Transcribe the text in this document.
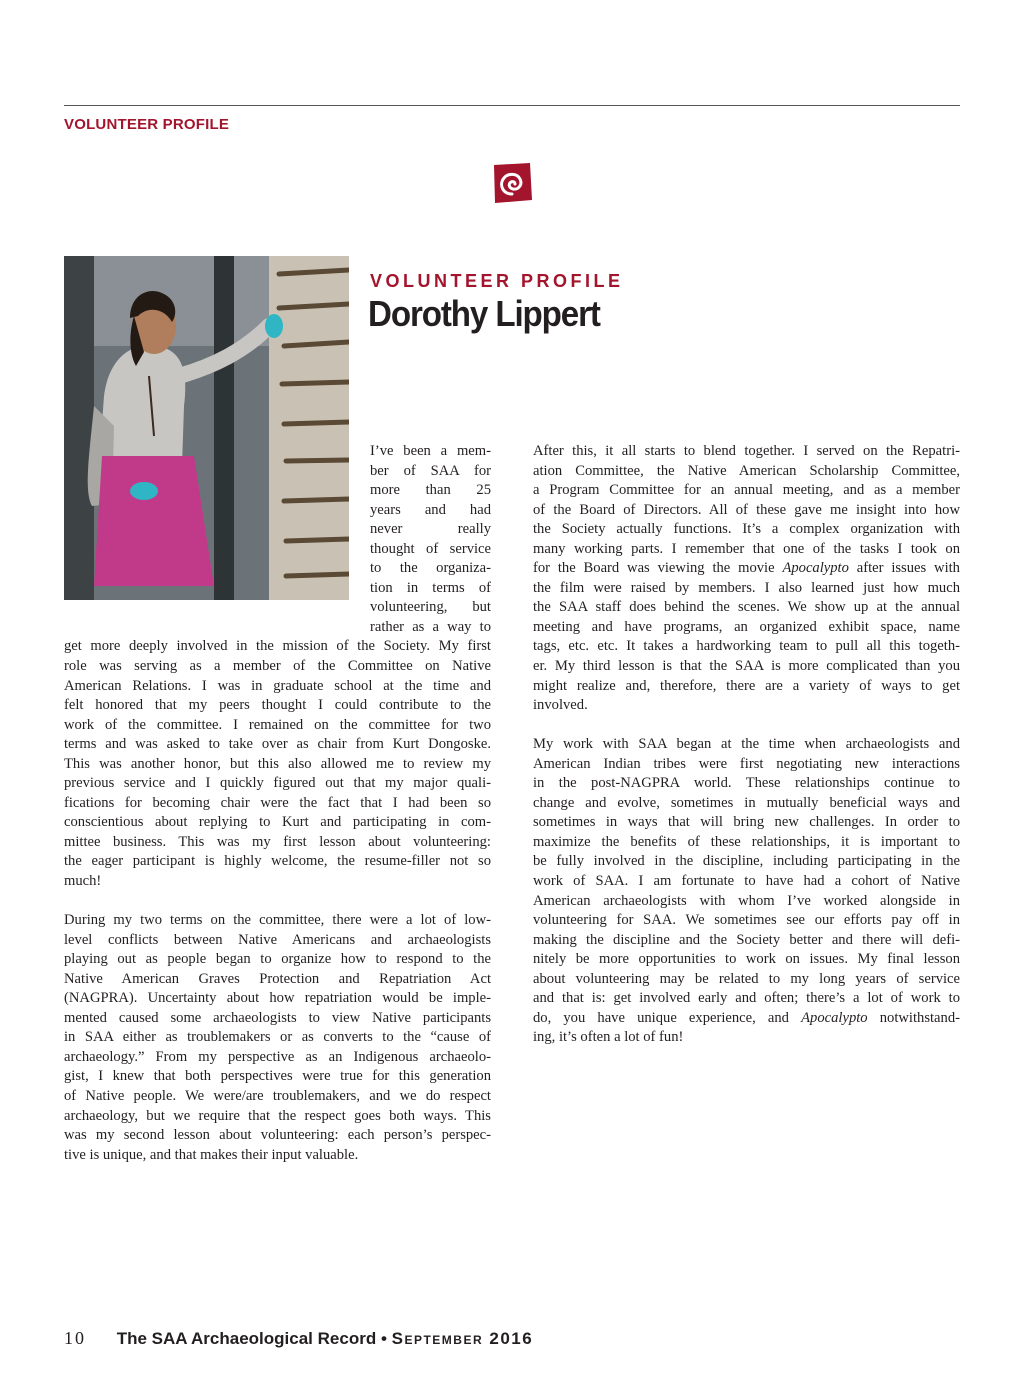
VOLUNTEER PROFILE
VOLUNTEER PROFILE
Dorothy Lippert
I’ve been a mem-
ber of SAA for
more than 25
years and had
never really
thought of service
to the organiza-
tion in terms of
volunteering, but
rather as a way to
get more deeply involved in the mission of the Society. My first
role was serving as a member of the Committee on Native
American Relations. I was in graduate school at the time and
felt honored that my peers thought I could contribute to the
work of the committee. I remained on the committee for two
terms and was asked to take over as chair from Kurt Dongoske.
This was another honor, but this also allowed me to review my
previous service and I quickly figured out that my major quali-
fications for becoming chair were the fact that I had been so
conscientious about replying to Kurt and participating in com-
mittee business. This was my first lesson about volunteering:
the eager participant is highly welcome, the resume-filler not so
much!
During my two terms on the committee, there were a lot of low-
level conflicts between Native Americans and archaeologists
playing out as people began to organize how to respond to the
Native American Graves Protection and Repatriation Act
(NAGPRA). Uncertainty about how repatriation would be imple-
mented caused some archaeologists to view Native participants
in SAA either as troublemakers or as converts to the “cause of
archaeology.” From my perspective as an Indigenous archaeolo-
gist, I knew that both perspectives were true for this generation
of Native people. We were/are troublemakers, and we do respect
archaeology, but we require that the respect goes both ways. This
was my second lesson about volunteering: each person’s perspec-
tive is unique, and that makes their input valuable.
After this, it all starts to blend together. I served on the Repatri-
ation Committee, the Native American Scholarship Committee,
a Program Committee for an annual meeting, and as a member
of the Board of Directors. All of these gave me insight into how
the Society actually functions. It’s a complex organization with
many working parts. I remember that one of the tasks I took on
for the Board was viewing the movie Apocalypto after issues with
the film were raised by members. I also learned just how much
the SAA staff does behind the scenes. We show up at the annual
meeting and have programs, an organized exhibit space, name
tags, etc. etc. It takes a hardworking team to pull all this togeth-
er. My third lesson is that the SAA is more complicated than you
might realize and, therefore, there are a variety of ways to get
involved.
My work with SAA began at the time when archaeologists and
American Indian tribes were first negotiating new interactions
in the post-NAGPRA world. These relationships continue to
change and evolve, sometimes in mutually beneficial ways and
sometimes in ways that will bring new challenges. In order to
maximize the benefits of these relationships, it is important to
be fully involved in the discipline, including participating in the
work of SAA. I am fortunate to have had a cohort of Native
American archaeologists with whom I’ve worked alongside in
volunteering for SAA. We sometimes see our efforts pay off in
making the discipline and the Society better and there will defi-
nitely be more opportunities to work on issues. My final lesson
about volunteering may be related to my long years of service
and that is: get involved early and often; there’s a lot of work to
do, you have unique experience, and Apocalypto notwithstand-
ing, it’s often a lot of fun!
10 The SAA Archaeological Record • September 2016
